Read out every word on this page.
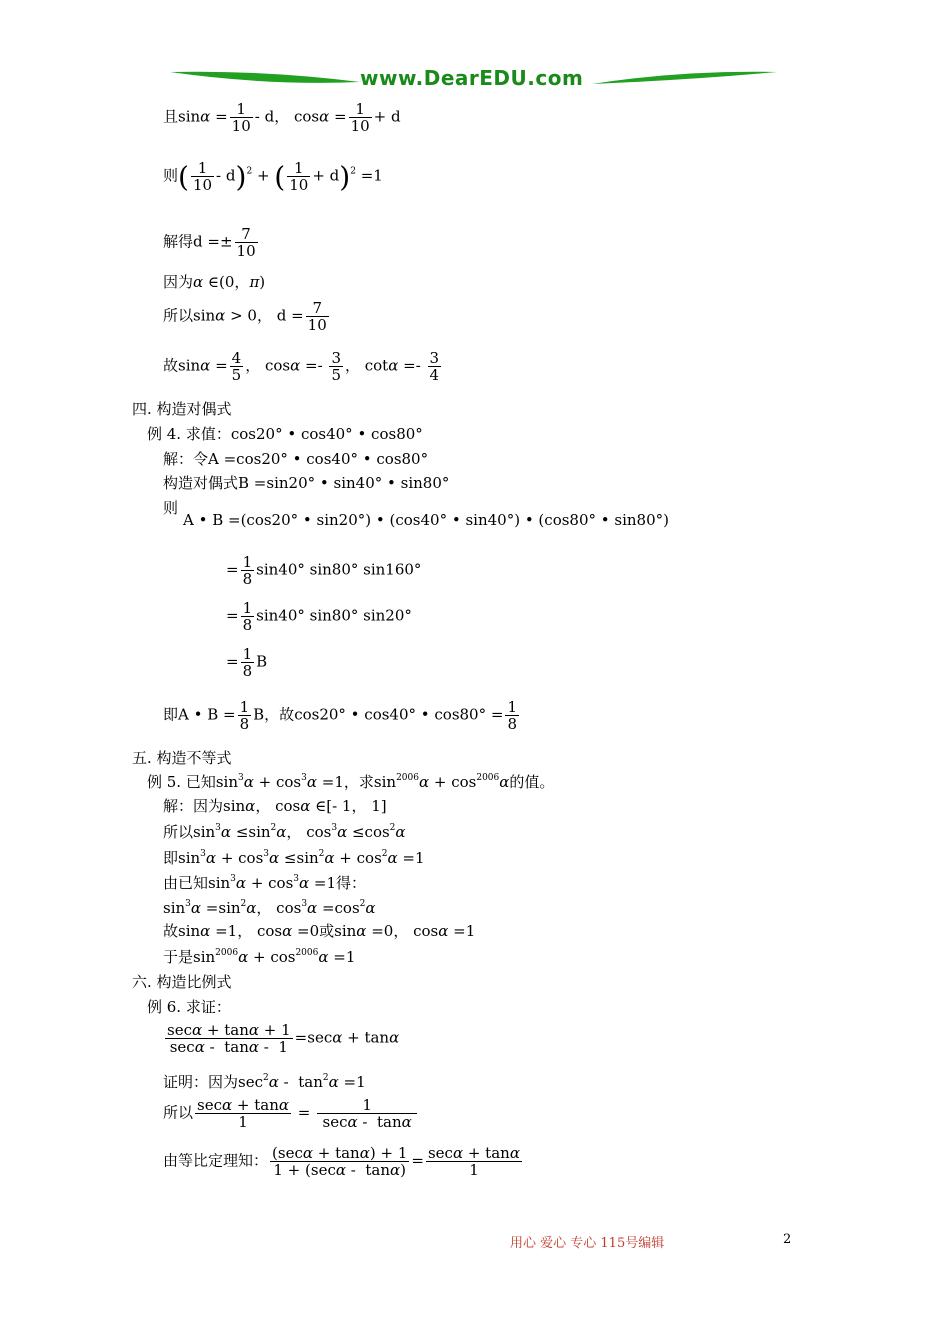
www.DearEDU.com
且$\sin\alpha = \frac{1}{10} - d$， $\cos\alpha = \frac{1}{10} + d$
则( $\frac{1}{10} - d)^2$ + ( $\frac{1}{10} + d)^2 =1$
解得$d =\pm \frac{7}{10}$
因为α ∈(0，π)
所以sinα > 0， $d = \frac{7}{10}$
故$\sin\alpha = \frac{4}{5}$ ， $\cos\alpha =- \frac{3}{5}$ ， $\cot\alpha =- \frac{3}{4}$
四. 构造对偶式
例 4. 求值：cos20° • cos40° • cos80°
解：令A =cos20° • cos40° • cos80°
构造对偶式B =sin20° • sin40° • sin80°
则
A • B =(cos20° • sin20°) • (cos40° • sin40°) • (cos80° • sin80°)
= $\frac{1}{8} \sin 40^\circ$ sin80° sin160°
= $\frac{1}{8} \sin 40^\circ$ sin80° sin20°
= $\frac{1}{8}$ B
即A • $B = \frac{1}{8}$ B，故cos20° • cos40° • $\cos 80^\circ = \frac{1}{8}$
五. 构造不等式
例 5. 已知$\sin^3\alpha + \cos^3\alpha =1$，求$\sin^{2006}\alpha + \cos^{2006}\alpha$的值。
解：因为sinα， cosα ∈[- 1， 1]
所以$\sin^3\alpha \le\sin^2\alpha$， $\cos^3\alpha \le\cos^2\alpha$
即$\sin^3\alpha + \cos^3\alpha \le\sin^2\alpha + \cos^2\alpha =1$
由已知$\sin^3\alpha + \cos^3\alpha =1$得：
$\sin^3\alpha =\sin^2\alpha$， $\cos^3\alpha =\cos^2\alpha$
故sinα =1， cosα =0或sinα =0， cosα =1
于是$\sin^{2006}\alpha + \cos^{2006}\alpha =1$
六. 构造比例式
例 6. 求证：
$\frac{\sec\alpha + \tan\alpha + 1}{\sec\alpha - \tan\alpha - 1} =\sec\alpha + \tan\alpha$
证明：因为$\sec^2\alpha - \tan^2\alpha =1$
所以 $\frac{\sec\alpha + \tan\alpha}{1} = \frac{1}{\sec\alpha - \tan\alpha}$
由等比定理知： $\frac{(\sec\alpha + \tan\alpha) + 1}{1 + (\sec\alpha - \tan\alpha)} = \frac{\sec\alpha + \tan\alpha}{1}$
用心 爱心 专心 115号编辑	2
